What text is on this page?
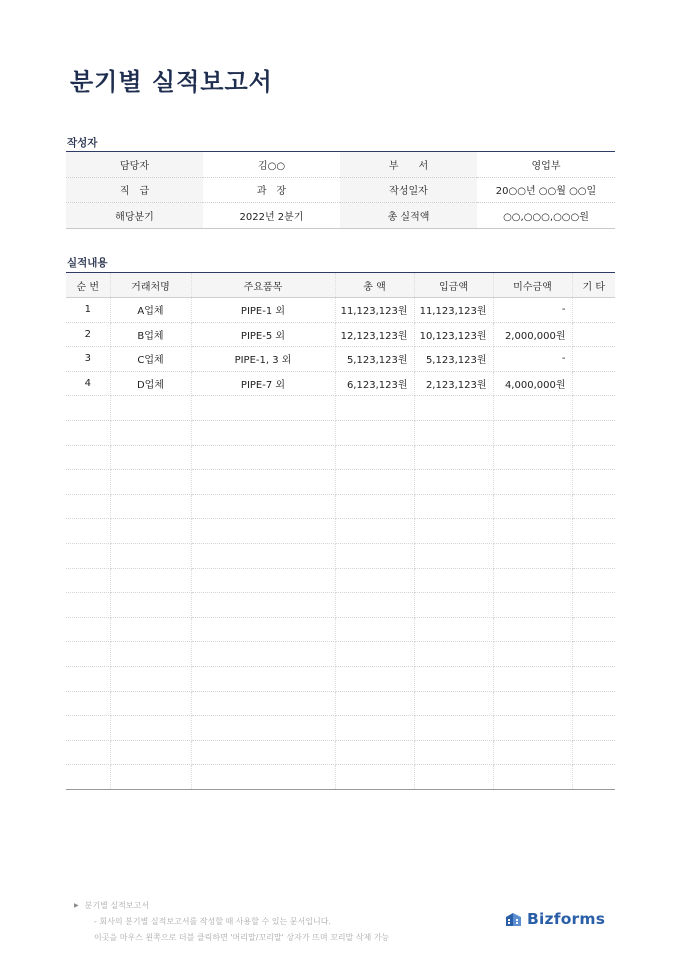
분기별 실적보고서
작성자
담당자	김○○	부　　서	영업부
직　급	과　장	작성일자	20○○년 ○○월 ○○일
해당분기	2022년 2분기	총 실적액	○○,○○○,○○○원
실적내용
순 번	거래처명	주요품목	총 액	입금액	미수금액	기 타
1	A업체	PIPE-1 외	11,123,123원	11,123,123원	-	
2	B업체	PIPE-5 외	12,123,123원	10,123,123원	2,000,000원	
3	C업체	PIPE-1, 3 외	5,123,123원	5,123,123원	-	
4	D업체	PIPE-7 외	6,123,123원	2,123,123원	4,000,000원	

▶ 분기별 실적보고서
- 회사의 분기별 실적보고서를 작성할 때 사용할 수 있는 문서입니다.
이곳을 마우스 왼쪽으로 더블 클릭하면 '머리말/꼬리말' 상자가 뜨며 꼬리말 삭제 가능
Bizforms
